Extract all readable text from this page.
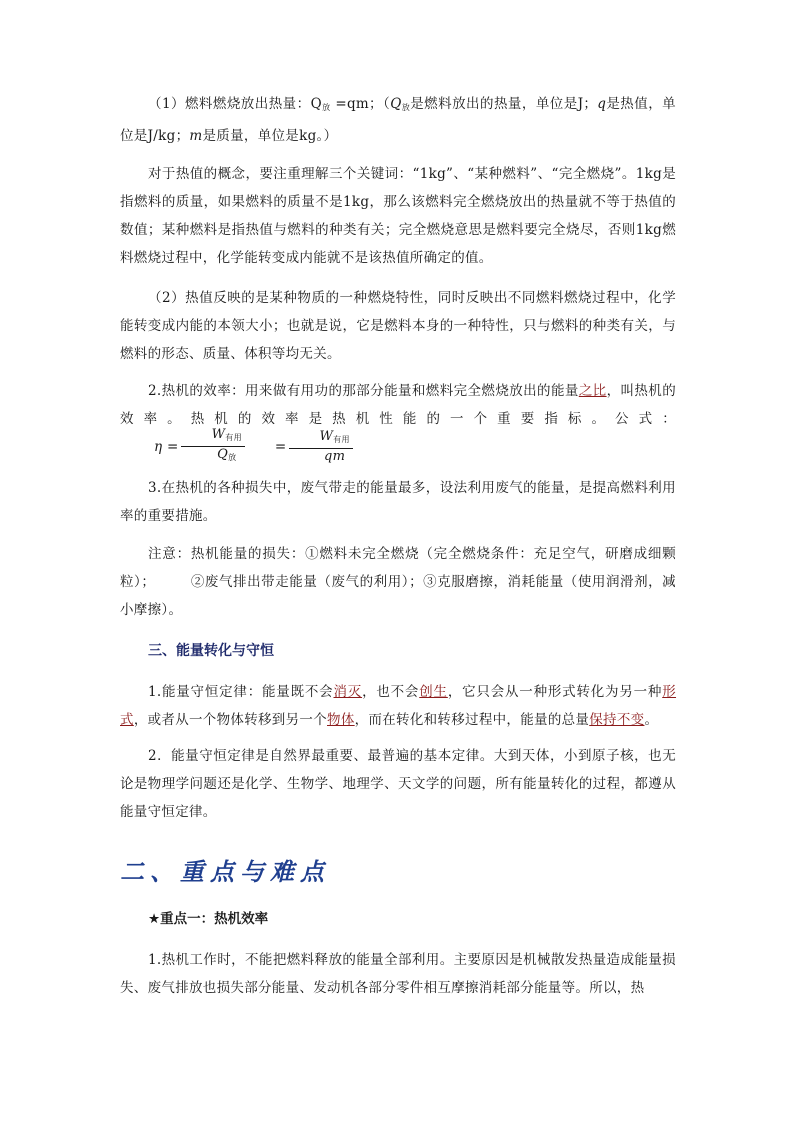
（1）燃料燃烧放出热量：$Q_放 =qm$；（$Q_放$是燃料放出的热量，单位是J；q是热值，单位是J/kg；m是质量，单位是kg。）

对于热值的概念，要注重理解三个关键词：“1kg”、“某种燃料”、“完全燃烧”。1kg是指燃料的质量，如果燃料的质量不是1kg，那么该燃料完全燃烧放出的热量就不等于热值的数值；某种燃料是指热值与燃料的种类有关；完全燃烧意思是燃料要完全烧尽，否则1kg燃料燃烧过程中，化学能转变成内能就不是该热值所确定的值。

（2）热值反映的是某种物质的一种燃烧特性，同时反映出不同燃料燃烧过程中，化学能转变成内能的本领大小；也就是说，它是燃料本身的一种特性，只与燃料的种类有关，与燃料的形态、质量、体积等均无关。

2.热机的效率：用来做有用功的那部分能量和燃料完全燃烧放出的能量之比，叫热机的效率。热机的效率是热机性能的一个重要指标。公式：
$\eta = \frac{W_{有用}}{Q_放}$	= $\frac{W_{有用}}{qm}$

3.在热机的各种损失中，废气带走的能量最多，设法利用废气的能量，是提高燃料利用率的重要措施。

注意：热机能量的损失：①燃料未完全燃烧（完全燃烧条件：充足空气，研磨成细颗粒）；　　　②废气排出带走能量（废气的利用）；③克服磨擦，消耗能量（使用润滑剂，减小摩擦）。

三、能量转化与守恒

1.能量守恒定律：能量既不会消灭，也不会创生，它只会从一种形式转化为另一种形式，或者从一个物体转移到另一个物体，而在转化和转移过程中，能量的总量保持不变。

2．能量守恒定律是自然界最重要、最普遍的基本定律。大到天体，小到原子核，也无论是物理学问题还是化学、生物学、地理学、天文学的问题，所有能量转化的过程，都遵从能量守恒定律。

二、重点与难点
★重点一：热机效率

1.热机工作时，不能把燃料释放的能量全部利用。主要原因是机械散发热量造成能量损失、废气排放也损失部分能量、发动机各部分零件相互摩擦消耗部分能量等。所以，热
